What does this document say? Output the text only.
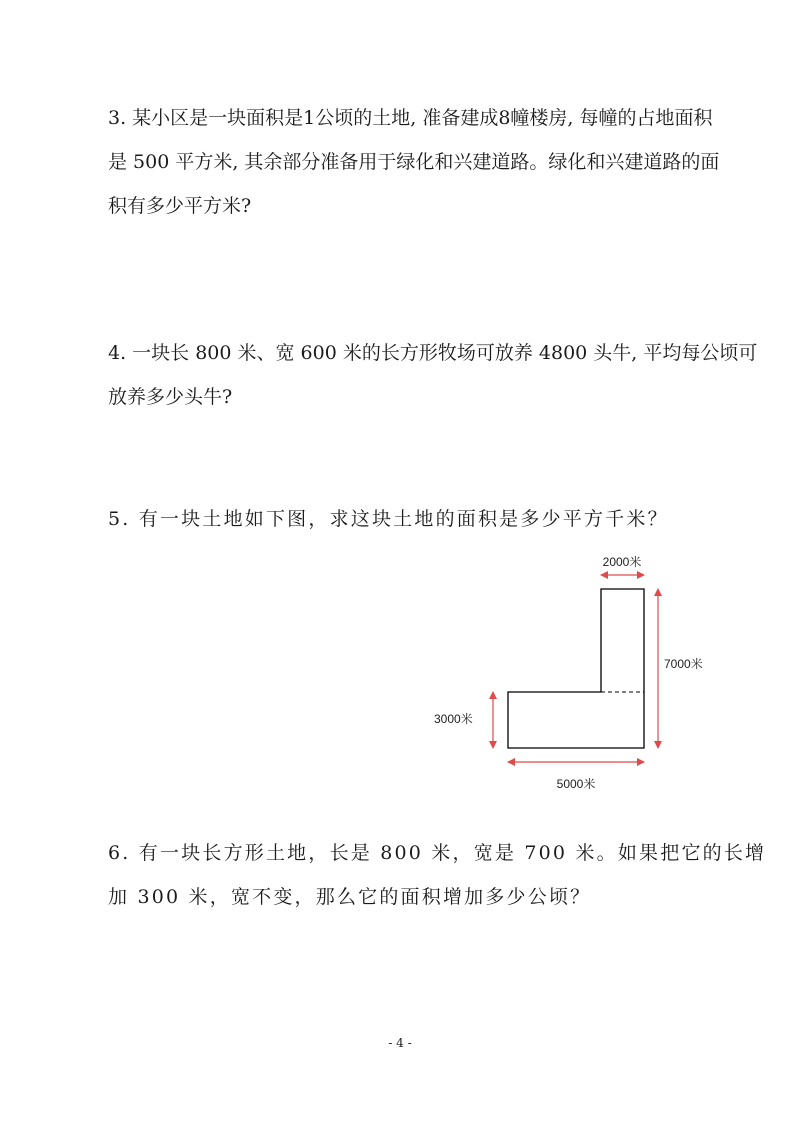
3. 某小区是一块面积是1公顷的土地, 准备建成8幢楼房, 每幢的占地面积
是 500 平方米, 其余部分准备用于绿化和兴建道路。绿化和兴建道路的面
积有多少平方米?
4. 一块长 800 米、宽 600 米的长方形牧场可放养 4800 头牛, 平均每公顷可
放养多少头牛?
5. 有一块土地如下图，求这块土地的面积是多少平方千米？
2000米
7000米
3000米
5000米
6. 有一块长方形土地，长是 800 米，宽是 700 米。如果把它的长增
加 300 米，宽不变，那么它的面积增加多少公顷？
- 4 -
